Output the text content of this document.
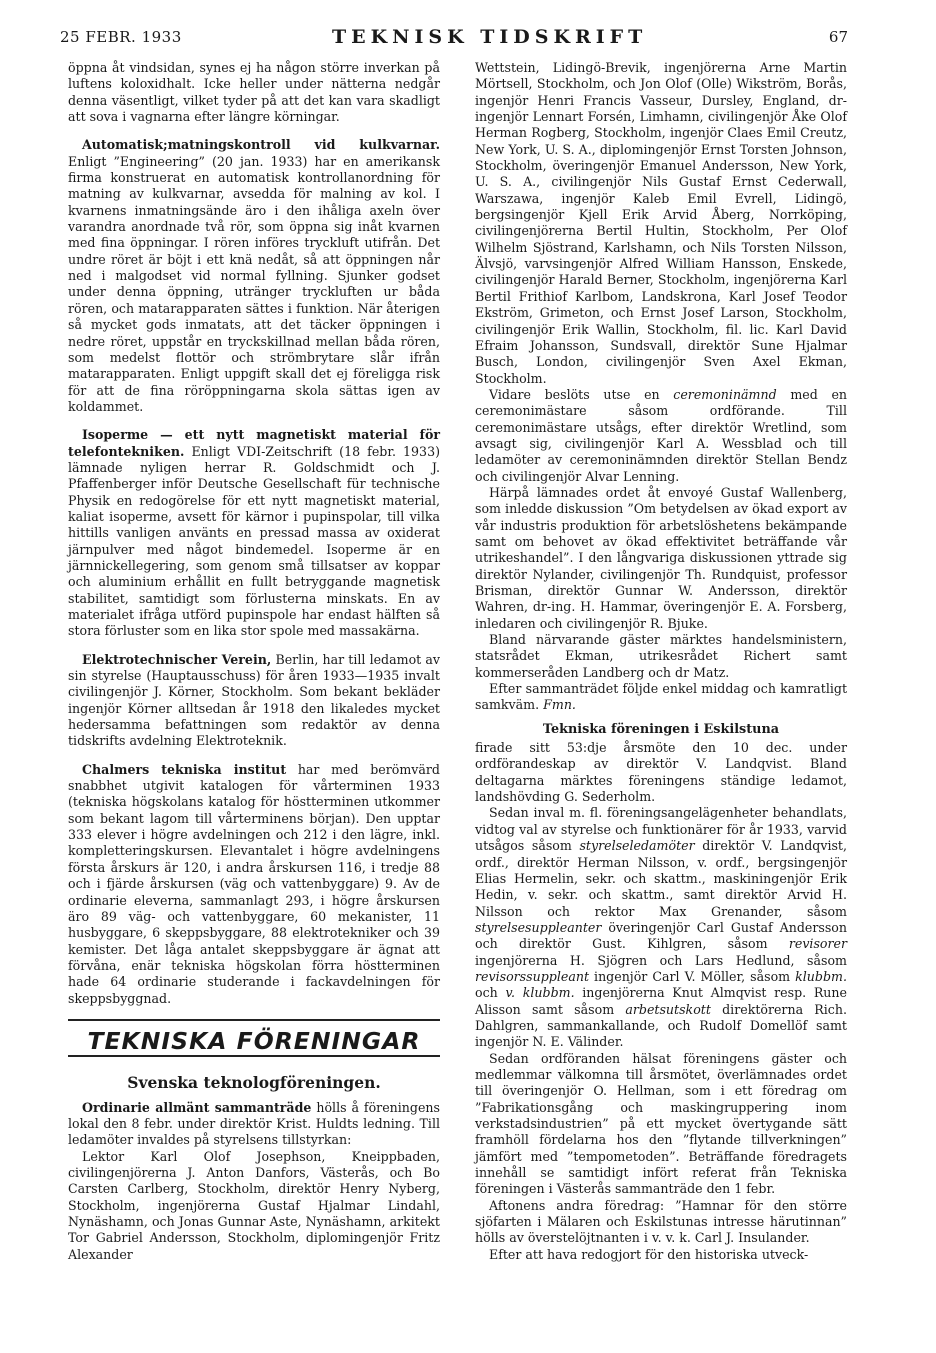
25 FEBR. 1933	TEKNISK TIDSKRIFT	67
öppna åt vindsidan, synes ej ha någon större inverkan på luftens koloxidhalt. Icke heller under nätterna nedgår denna väsentligt, vilket tyder på att det kan vara skadligt att sova i vagnarna efter längre körningar.
Automatisk;matningskontroll vid kulkvarnar. Enligt ”Engineering” (20 jan. 1933) har en amerikansk firma konstruerat en automatisk kontrollanordning för matning av kulkvarnar, avsedda för malning av kol. I kvarnens inmatningsände äro i den ihåliga axeln över varandra anordnade två rör, som öppna sig inåt kvarnen med fina öppningar. I rören införes tryckluft utifrån. Det undre röret är böjt i ett knä nedåt, så att öppningen når ned i malgodset vid normal fyllning. Sjunker godset under denna öppning, utränger tryckluften ur båda rören, och matarapparaten sättes i funktion. När återigen så mycket gods inmatats, att det täcker öppningen i nedre röret, uppstår en tryckskillnad mellan båda rören, som medelst flottör och strömbrytare slår ifrån matarapparaten. Enligt uppgift skall det ej föreligga risk för att de fina röröppningarna skola sättas igen av koldammet.
Isoperme — ett nytt magnetiskt material för telefontekniken. Enligt VDI-Zeitschrift (18 febr. 1933) lämnade nyligen herrar R. Goldschmidt och J. Pfaffenberger inför Deutsche Gesellschaft für technische Physik en redogörelse för ett nytt magnetiskt material, kaliat isoperme, avsett för kärnor i pupinspolar, till vilka hittills vanligen använts en pressad massa av oxiderat järnpulver med något bindemedel. Isoperme är en järnnickellegering, som genom små tillsatser av koppar och aluminium erhållit en fullt betryggande magnetisk stabilitet, samtidigt som förlusterna minskats. En av materialet ifråga utförd pupinspole har endast hälften så stora förluster som en lika stor spole med massakärna.
Elektrotechnischer Verein, Berlin, har till ledamot av sin styrelse (Hauptausschuss) för åren 1933—1935 invalt civilingenjör J. Körner, Stockholm. Som bekant bekläder ingenjör Körner alltsedan år 1918 den likaledes mycket hedersamma befattningen som redaktör av denna tidskrifts avdelning Elektroteknik.
Chalmers tekniska institut har med berömvärd snabbhet utgivit katalogen för vårterminen 1933 (tekniska högskolans katalog för höstterminen utkommer som bekant lagom till vårterminens början). Den upptar 333 elever i högre avdelningen och 212 i den lägre, inkl. kompletteringskursen. Elevantalet i högre avdelningens första årskurs är 120, i andra årskursen 116, i tredje 88 och i fjärde årskursen (väg och vattenbyggare) 9. Av de ordinarie eleverna, sammanlagt 293, i högre årskursen äro 89 väg- och vattenbyggare, 60 mekanister, 11 husbyggare, 6 skeppsbyggare, 88 elektrotekniker och 39 kemister. Det låga antalet skeppsbyggare är ägnat att förvåna, enär tekniska högskolan förra höstterminen hade 64 ordinarie studerande i fackavdelningen för skeppsbyggnad.
TEKNISKA FÖRENINGAR
Svenska teknologföreningen.
Ordinarie allmänt sammanträde hölls å föreningens lokal den 8 febr. under direktör Krist. Huldts ledning. Till ledamöter invaldes på styrelsens tillstyrkan:
Lektor Karl Olof Josephson, Kneippbaden, civilingenjörerna J. Anton Danfors, Västerås, och Bo Carsten Carlberg, Stockholm, direktör Henry Nyberg, Stockholm, ingenjörerna Gustaf Hjalmar Lindahl, Nynäshamn, och Jonas Gunnar Aste, Nynäshamn, arkitekt Tor Gabriel Andersson, Stockholm, diplomingenjör Fritz Alexander
Wettstein, Lidingö-Brevik, ingenjörerna Arne Martin Mörtsell, Stockholm, och Jon Olof (Olle) Wikström, Borås, ingenjör Henri Francis Vasseur, Dursley, England, dr-ingenjör Lennart Forsén, Limhamn, civilingenjör Åke Olof Herman Rogberg, Stockholm, ingenjör Claes Emil Creutz, New York, U. S. A., diplomingenjör Ernst Torsten Johnson, Stockholm, överingenjör Emanuel Andersson, New York, U. S. A., civilingenjör Nils Gustaf Ernst Cederwall, Warszawa, ingenjör Kaleb Emil Evrell, Lidingö, bergsingenjör Kjell Erik Arvid Åberg, Norrköping, civilingenjörerna Bertil Hultin, Stockholm, Per Olof Wilhelm Sjöstrand, Karlshamn, och Nils Torsten Nilsson, Älvsjö, varvsingenjör Alfred William Hansson, Enskede, civilingenjör Harald Berner, Stockholm, ingenjörerna Karl Bertil Frithiof Karlbom, Landskrona, Karl Josef Teodor Ekström, Grimeton, och Ernst Josef Larson, Stockholm, civilingenjör Erik Wallin, Stockholm, fil. lic. Karl David Efraim Johansson, Sundsvall, direktör Sune Hjalmar Busch, London, civilingenjör Sven Axel Ekman, Stockholm.
Vidare beslöts utse en ceremoninämnd med en ceremonimästare såsom ordförande. Till ceremonimästare utsågs, efter direktör Wretlind, som avsagt sig, civilingenjör Karl A. Wessblad och till ledamöter av ceremoninämnden direktör Stellan Bendz och civilingenjör Alvar Lenning.
Härpå lämnades ordet åt envoyé Gustaf Wallenberg, som inledde diskussion ”Om betydelsen av ökad export av vår industris produktion för arbetslöshetens bekämpande samt om behovet av ökad effektivitet beträffande vår utrikeshandel”. I den långvariga diskussionen yttrade sig direktör Nylander, civilingenjör Th. Rundquist, professor Brisman, direktör Gunnar W. Andersson, direktör Wahren, dr-ing. H. Hammar, överingenjör E. A. Forsberg, inledaren och civilingenjör R. Bjuke.
Bland närvarande gäster märktes handelsministern, statsrådet Ekman, utrikesrådet Richert samt kommerseråden Landberg och dr Matz.
Efter sammanträdet följde enkel middag och kamratligt samkväm. Fmn.
Tekniska föreningen i Eskilstuna
firade sitt 53:dje årsmöte den 10 dec. under ordförandeskap av direktör V. Landqvist. Bland deltagarna märktes föreningens ständige ledamot, landshövding G. Sederholm.
Sedan inval m. fl. föreningsangelägenheter behandlats, vidtog val av styrelse och funktionärer för år 1933, varvid utsågos såsom styrelseledamöter direktör V. Landqvist, ordf., direktör Herman Nilsson, v. ordf., bergsingenjör Elias Hermelin, sekr. och skattm., maskiningenjör Erik Hedin, v. sekr. och skattm., samt direktör Arvid H. Nilsson och rektor Max Grenander, såsom styrelsesuppleanter överingenjör Carl Gustaf Andersson och direktör Gust. Kihlgren, såsom revisorer ingenjörerna H. Sjögren och Lars Hedlund, såsom revisorssuppleant ingenjör Carl V. Möller, såsom klubbm. och v. klubbm. ingenjörerna Knut Almqvist resp. Rune Alisson samt såsom arbetsutskott direktörerna Rich. Dahlgren, sammankallande, och Rudolf Domellöf samt ingenjör N. E. Välinder.
Sedan ordföranden hälsat föreningens gäster och medlemmar välkomna till årsmötet, överlämnades ordet till överingenjör O. Hellman, som i ett föredrag om ”Fabrikationsgång och maskingruppering inom verkstadsindustrien” på ett mycket övertygande sätt framhöll fördelarna hos den ”flytande tillverkningen” jämfört med ”tempometoden”. Beträffande föredragets innehåll se samtidigt infört referat från Tekniska föreningen i Västerås sammanträde den 1 febr.
Aftonens andra föredrag: ”Hamnar för den större sjöfarten i Mälaren och Eskilstunas intresse härutinnan” hölls av överstelöjtnanten i v. v. k. Carl J. Insulander.
Efter att hava redogjort för den historiska utveck-
